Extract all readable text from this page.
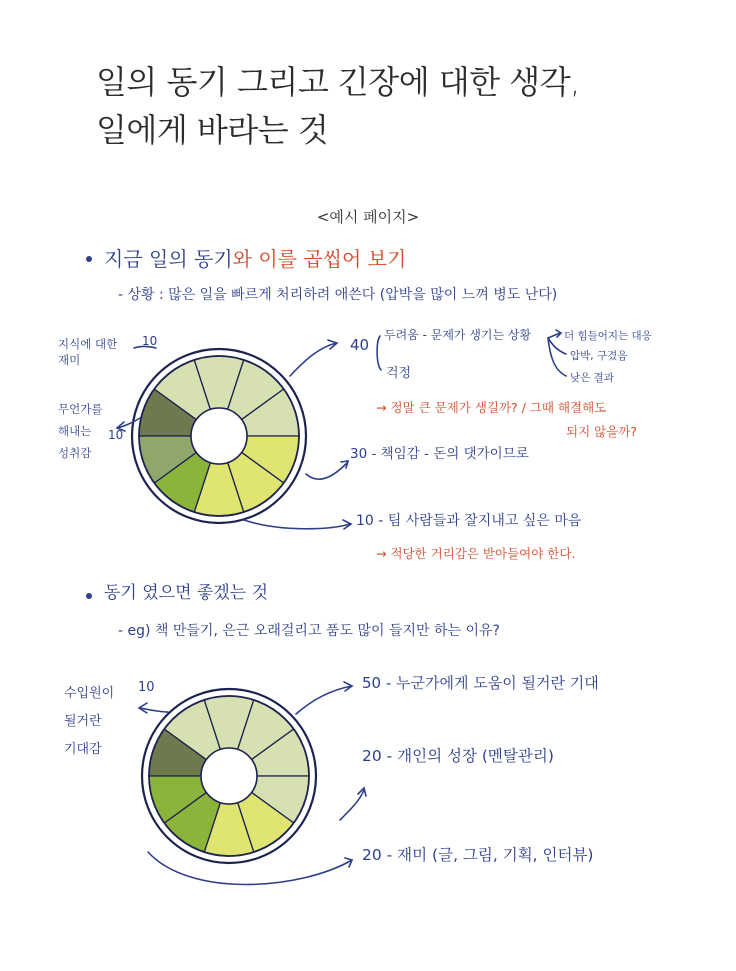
일의 동기 그리고 긴장에 대한 생각,
일에게 바라는 것
<예시 페이지>
지금 일의 동기와 이를 곱씹어 보기
- 상황 : 많은 일을 빠르게 처리하려 애쓴다 (압박을 많이 느껴 병도 난다)
지식에 대한
재미
10
무언가를
해내는
성취감
10
40
두려움 - 문제가 생기는 상황
걱정
더 힘들어지는 대응
압박, 구겼음
낮은 결과
→ 정말 큰 문제가 생길까? / 그때 해결해도
되지 않을까?
30 - 책임감 - 돈의 댓가이므로
10 - 팀 사람들과 잘지내고 싶은 마음
→ 적당한 거리감은 받아들여야 한다.
동기 였으면 좋겠는 것
- eg) 책 만들기, 은근 오래걸리고 품도 많이 들지만 하는 이유?
수입원이
될거란
기대감
10	50 - 누군가에게 도움이 될거란 기대
20 - 개인의 성장 (멘탈관리)
20 - 재미 (글, 그림, 기획, 인터뷰)
